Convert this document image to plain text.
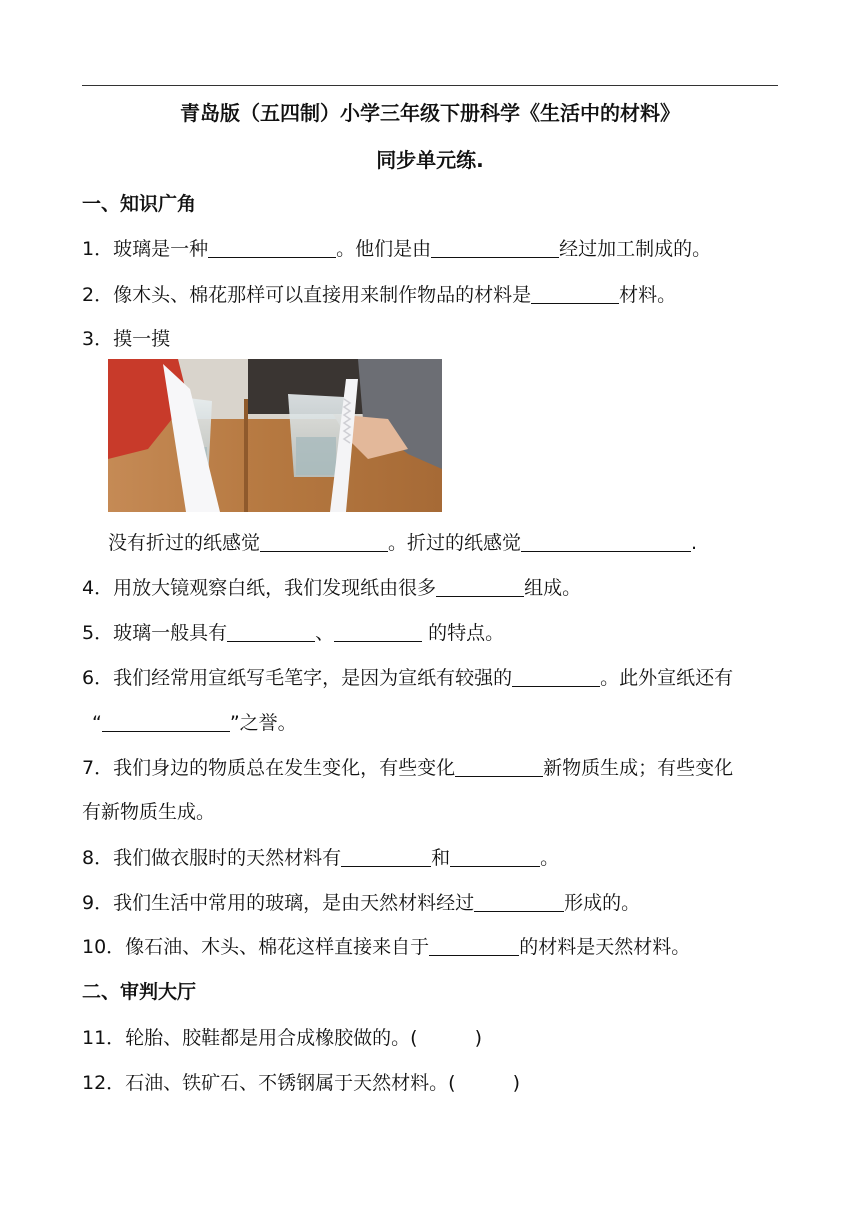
青岛版（五四制）小学三年级下册科学《生活中的材料》
同步单元练.
一、知识广角
1．玻璃是一种	。他们是由	经过加工制成的。
2．像木头、棉花那样可以直接用来制作物品的材料是	材料。
3．摸一摸
没有折过的纸感觉	。折过的纸感觉	.
4．用放大镜观察白纸，我们发现纸由很多	组成。
5．玻璃一般具有	、	的特点。
6．我们经常用宣纸写毛笔字，是因为宣纸有较强的	。此外宣纸还有
“	”之誉。
7．我们身边的物质总在发生变化，有些变化	新物质生成；有些变化
有新物质生成。
8．我们做衣服时的天然材料有	和	。
9．我们生活中常用的玻璃，是由天然材料经过	形成的。
10．像石油、木头、棉花这样直接来自于	的材料是天然材料。
二、审判大厅
11．轮胎、胶鞋都是用合成橡胶做的。(　　　)
12．石油、铁矿石、不锈钢属于天然材料。(　　　)
